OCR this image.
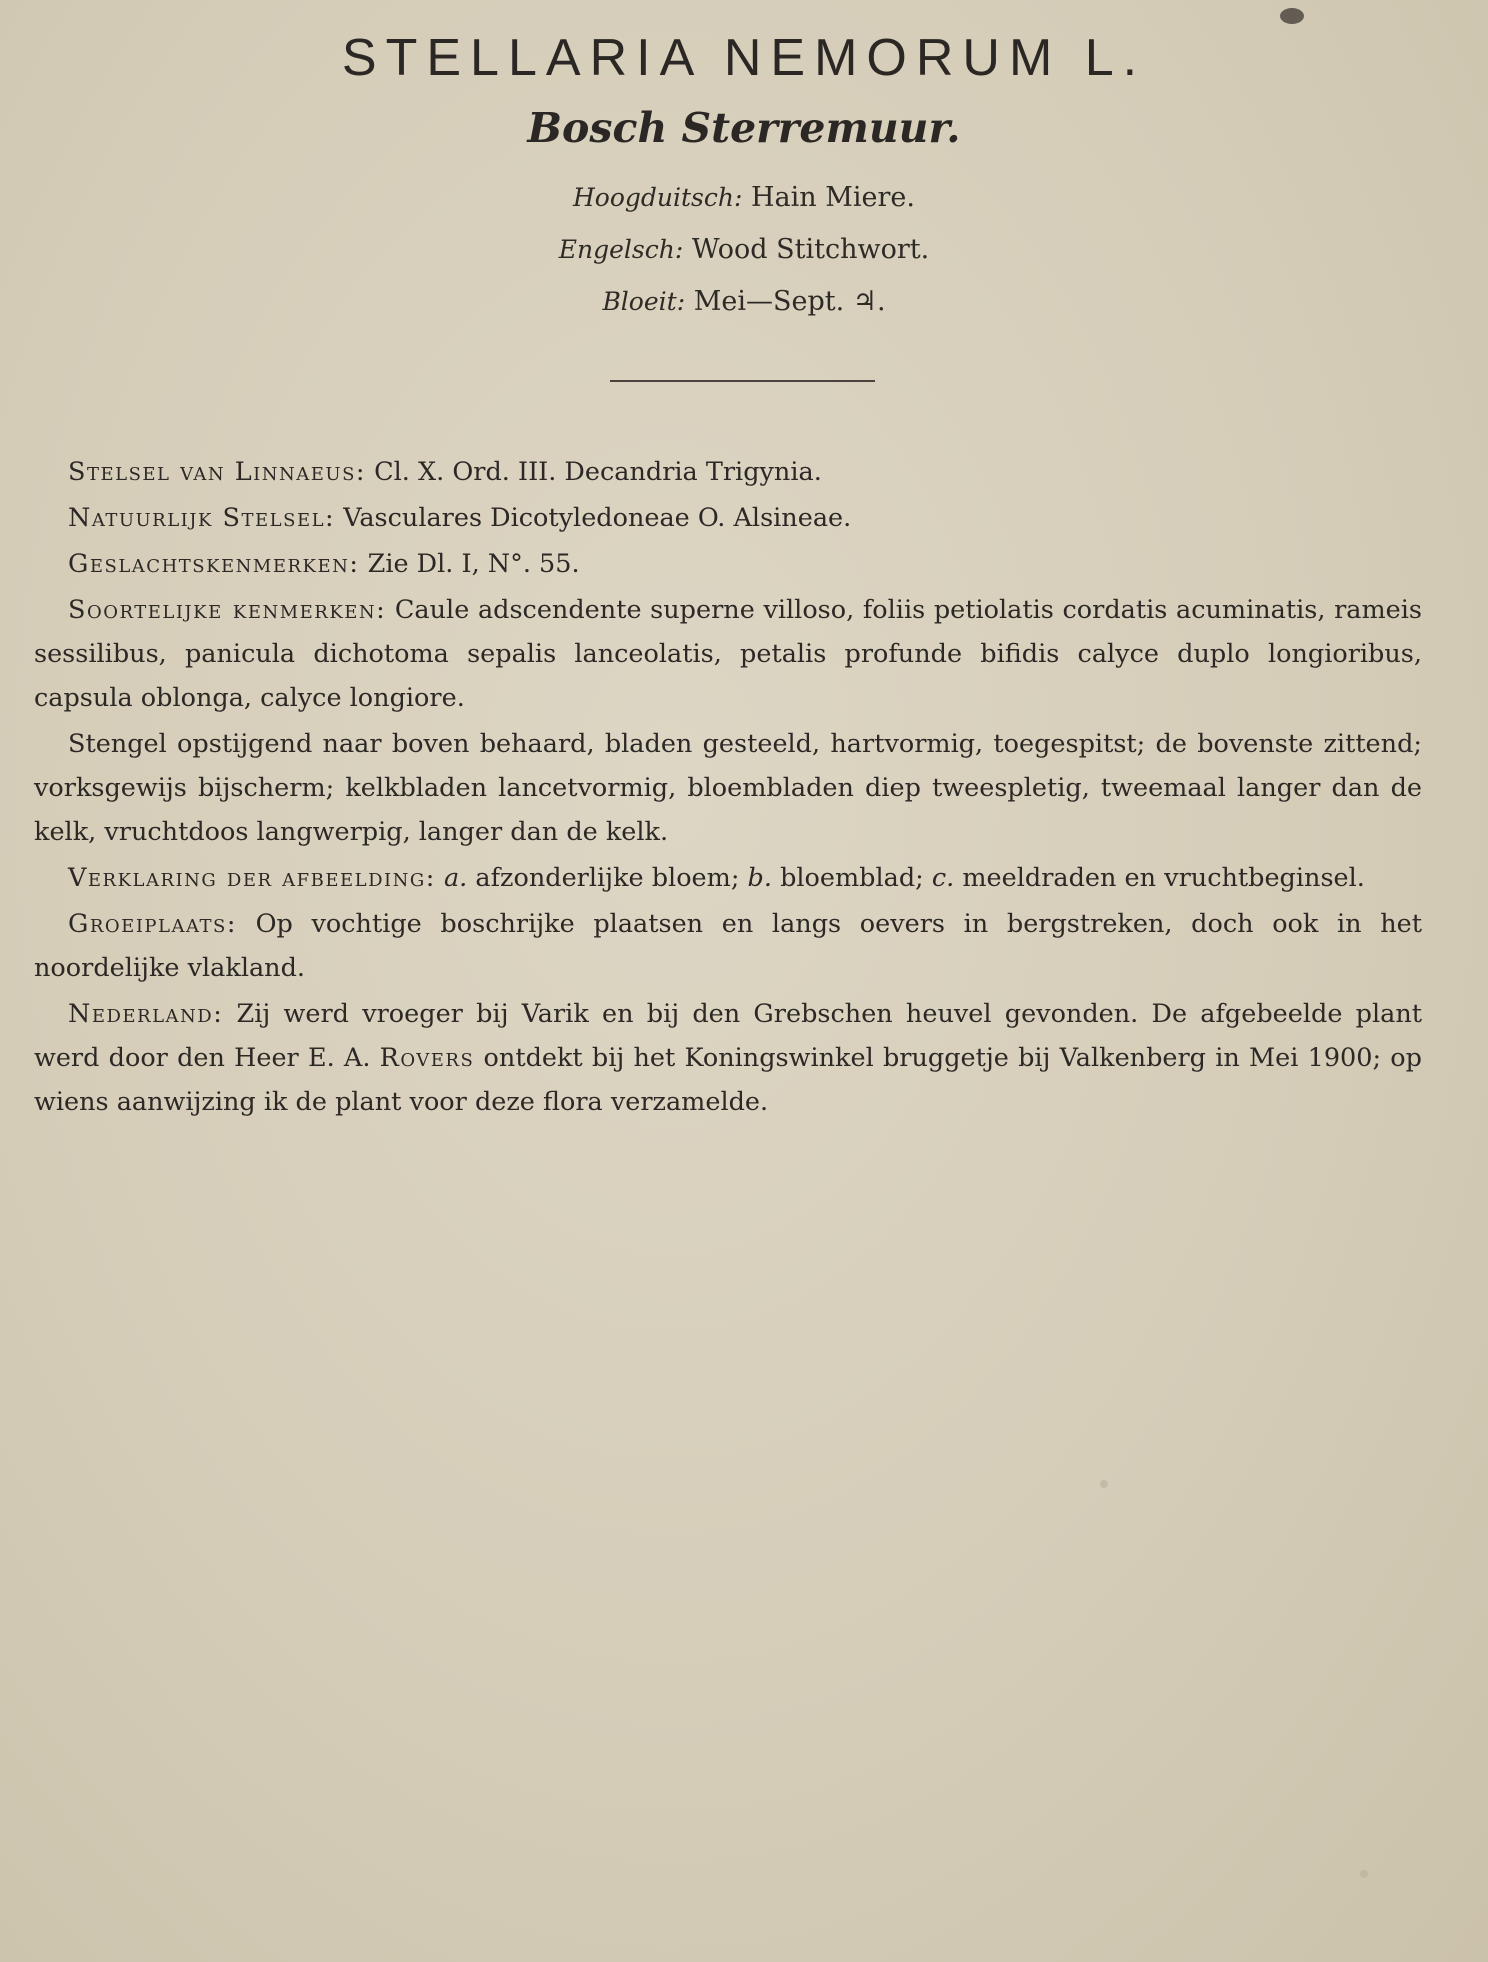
STELLARIA NEMORUM L.
Bosch Sterremuur.
Hoogduitsch: Hain Miere.
Engelsch: Wood Stitchwort.
Bloeit: Mei—Sept. ♃.

Stelsel van Linnaeus: Cl. X. Ord. III. Decandria Trigynia.

Natuurlijk Stelsel: Vasculares Dicotyledoneae O. Alsineae.

Geslachtskenmerken: Zie Dl. I, N°. 55.

Soortelijke kenmerken: Caule adscendente superne villoso, foliis petiolatis cordatis acuminatis, rameis sessilibus, panicula dichotoma sepalis lanceolatis, petalis profunde bifidis calyce duplo longioribus, capsula oblonga, calyce longiore.

Stengel opstijgend naar boven behaard, bladen gesteeld, hartvormig, toegespitst; de bovenste zittend; vorksgewijs bijscherm; kelkbladen lancetvormig, bloembladen diep tweespletig, tweemaal langer dan de kelk, vruchtdoos langwerpig, langer dan de kelk.

Verklaring der afbeelding: a. afzonderlijke bloem; b. bloemblad; c. meeldraden en vruchtbeginsel.

Groeiplaats: Op vochtige boschrijke plaatsen en langs oevers in bergstreken, doch ook in het noordelijke vlakland.

Nederland: Zij werd vroeger bij Varik en bij den Grebschen heuvel gevonden. De afgebeelde plant werd door den Heer E. A. Rovers ontdekt bij het Koningswinkel bruggetje bij Valkenberg in Mei 1900; op wiens aanwijzing ik de plant voor deze flora verzamelde.
